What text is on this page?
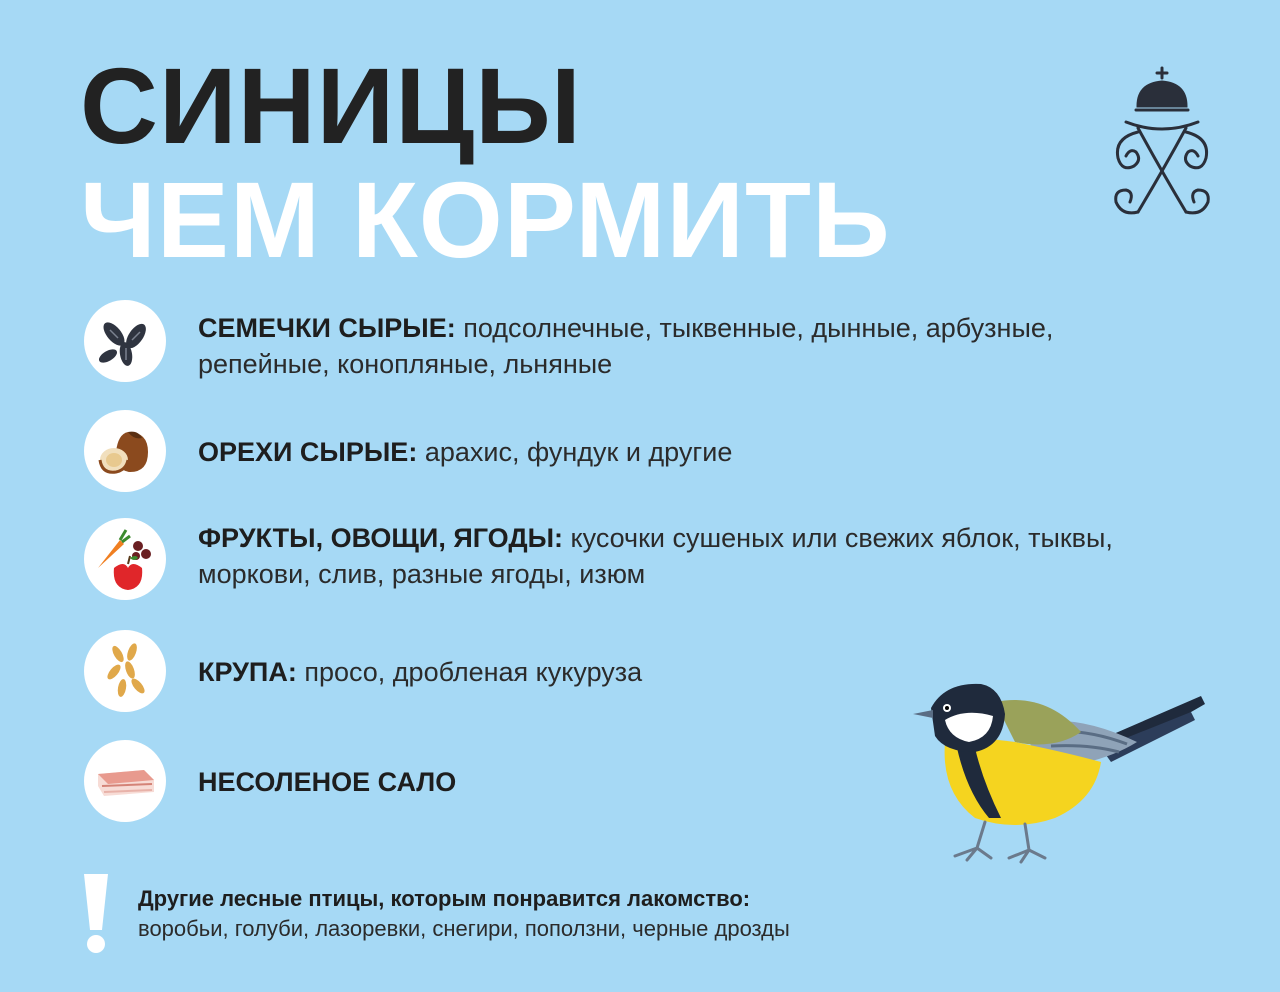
СИНИЦЫ
ЧЕМ КОРМИТЬ

СЕМЕЧКИ СЫРЫЕ: подсолнечные, тыквенные, дынные, арбузные, репейные, конопляные, льняные

ОРЕХИ СЫРЫЕ: арахис, фундук и другие

ФРУКТЫ, ОВОЩИ, ЯГОДЫ: кусочки сушеных или свежих яблок, тыквы, моркови, слив, разные ягоды, изюм

КРУПА: просо, дробленая кукуруза

НЕСОЛЕНОЕ САЛО

Другие лесные птицы, которым понравится лакомство:

воробьи, голуби, лазоревки, снегири, поползни, черные дрозды
